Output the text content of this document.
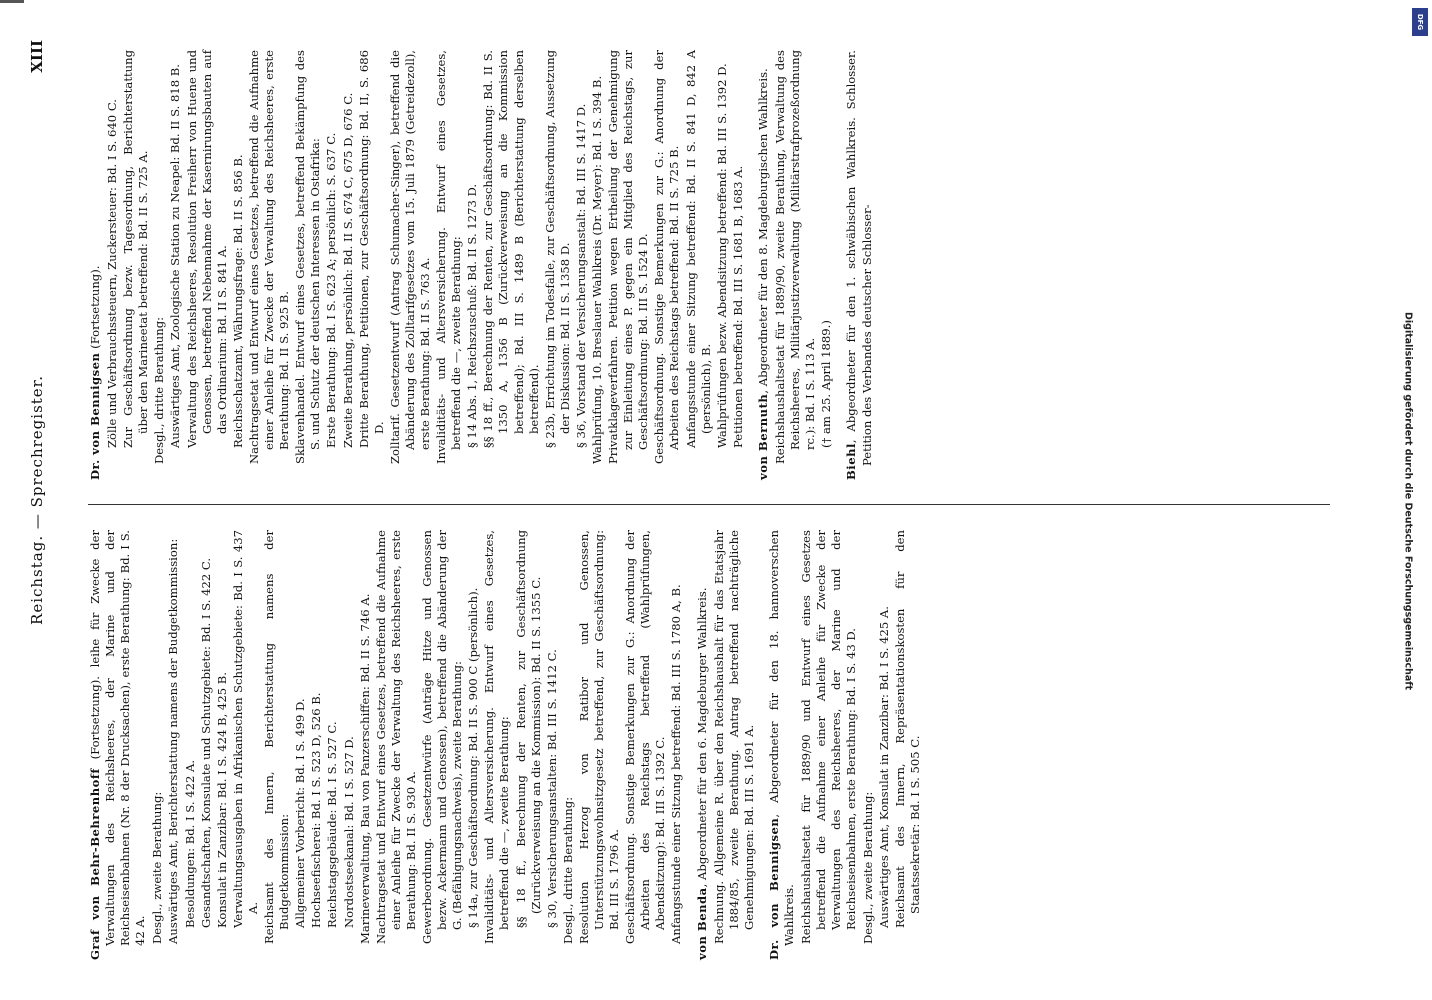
Reichstag. — Sprechregister.
XIII
Graf von Behr-Behrenhoff (Fortsetzung). leihe für Zwecke der Verwaltungen des Reichsheeres, der Marine und der Reichseisenbahnen (Nr. 8 der Drucksachen), erste Berathung: Bd. I S. 42 A. Desgl., zweite Berathung: Auswärtiges Amt, Berichterstattung namens der Budgetkommission: Besoldungen: Bd. I S. 422 A. Gesandtschaften, Konsulate und Schutzgebiete: Bd. I S. 422 C. Konsulat in Zanzibar: Bd. I S. 424 B, 425 B. Verwaltungsausgaben in Afrikanischen Schutzgebiete: Bd. I S. 437 A. Reichsamt des Innern, Berichterstattung namens der Budgetkommission: Allgemeiner Vorbericht: Bd. I S. 499 D. Hochseefischerei: Bd. I S. 523 D, 526 B. Reichstagsgebäude: Bd. I S. 527 C. Nordostseekanal: Bd. I S. 527 D. Marineverwaltung, Bau von Panzerschiffen: Bd. II S. 746 A. Nachtragsetat und Entwurf eines Gesetzes, betreffend die Aufnahme einer Anleihe für Zwecke der Verwaltung des Reichsheeres, erste Berathung: Bd. II S. 930 A. Gewerbeordnung. Gesetzentwürfe (Anträge Hitze und Genossen bezw. Ackermann und Genossen), betreffend die Abänderung der G. (Befähigungsnachweis), zweite Berathung: § 14a, zur Geschäftsordnung: Bd. II S. 900 C (persönlich). Invaliditäts- und Altersversicherung. Entwurf eines Gesetzes, betreffend die —, zweite Berathung: §§ 18 ff., Berechnung der Renten, zur Geschäftsordnung (Zurückverweisung an die Kommission): Bd. II S. 1355 C. § 30, Versicherungsanstalten: Bd. III S. 1412 C. Desgl., dritte Berathung: Resolution Herzog von Ratibor und Genossen, Unterstützungswohnsitzgesetz betreffend, zur Geschäftsordnung: Bd. III S. 1796 A. Geschäftsordnung. Sonstige Bemerkungen zur G.: Anordnung der Arbeiten des Reichstags betreffend (Wahlprüfungen, Abendsitzung): Bd. III S. 1392 C. Anfangsstunde einer Sitzung betreffend: Bd. III S. 1780 A, B. von Benda, Abgeordneter für den 6. Magdeburger Wahlkreis. Rechnung. Allgemeine R. über den Reichshaushalt für das Etatsjahr 1884/85, zweite Berathung. Antrag betreffend nachträgliche Genehmigungen: Bd. III S. 1691 A. Dr. von Bennigsen, Abgeordneter für den 18. hannoverschen Wahlkreis. Reichshaushaltsetat für 1889/90 und Entwurf eines Gesetzes betreffend die Aufnahme einer Anleihe für Zwecke der Verwaltungen des Reichsheeres, der Marine und der Reichseisenbahnen, erste Berathung: Bd. I S. 43 D. Desgl., zweite Berathung: Auswärtiges Amt, Konsulat in Zanzibar: Bd. I S. 425 A. Reichsamt des Innern, Repräsentationskosten für den Staatssekretär: Bd. I S. 505 C.
Dr. von Bennigsen (Fortsetzung). Zölle und Verbrauchssteuern, Zuckersteuer: Bd. I S. 640 C. Zur Geschäftsordnung bezw. Tagesordnung, Berichterstattung über den Marineetat betreffend: Bd. II S. 725 A. Desgl., dritte Berathung: Auswärtiges Amt, Zoologische Station zu Neapel: Bd. II S. 818 B. Verwaltung des Reichsheeres, Resolution Freiherr von Huene und Genossen, betreffend Nebennahme der Kasernirungsbauten auf das Ordinarium: Bd. II S. 841 A. Reichsschatzamt, Währungsfrage: Bd. II S. 856 B. Nachtragsetat und Entwurf eines Gesetzes, betreffend die Aufnahme einer Anleihe für Zwecke der Verwaltung des Reichsheeres, erste Berathung: Bd. II S. 925 B. Sklavenhandel. Entwurf eines Gesetzes, betreffend Bekämpfung des S. und Schutz der deutschen Interessen in Ostafrika: Erste Berathung: Bd. I S. 623 A; persönlich: S. 637 C. Zweite Berathung, persönlich: Bd. II S. 674 C, 675 D, 676 C. Dritte Berathung, Petitionen, zur Geschäftsordnung: Bd. II, S. 686 D. Zolltarif. Gesetzentwurf (Antrag Schumacher-Singer), betreffend die Abänderung des Zolltarifgesetzes vom 15. Juli 1879 (Getreidezoll), erste Berathung: Bd. II S. 763 A. Invaliditäts- und Altersversicherung. Entwurf eines Gesetzes, betreffend die —, zweite Berathung: § 14 Abs. 1, Reichszuschuß: Bd. II S. 1273 D. §§ 18 ff., Berechnung der Renten, zur Geschäftsordnung: Bd. II S. 1350 A, 1356 B (Zurückverweisung an die Kommission betreffend); Bd. III S. 1489 B (Berichterstattung derselben betreffend). § 23b, Errichtung im Todesfalle, zur Geschäftsordnung, Aussetzung der Diskussion: Bd. II S. 1358 D. § 36, Vorstand der Versicherungsanstalt: Bd. III S. 1417 D. Wahlprüfung, 10. Breslauer Wahlkreis (Dr. Meyer): Bd. I S. 394 B. Privatklageverfahren. Petition wegen Ertheilung der Genehmigung zur Einleitung eines P. gegen ein Mitglied des Reichstags, zur Geschäftsordnung: Bd. III S. 1524 D. Geschäftsordnung. Sonstige Bemerkungen zur G.: Anordnung der Arbeiten des Reichstags betreffend: Bd. II S. 725 B. Anfangsstunde einer Sitzung betreffend: Bd. II S. 841 D, 842 A (persönlich), B. Wahlprüfungen bezw. Abendsitzung betreffend: Bd. III S. 1392 D. Petitionen betreffend: Bd. III S. 1681 B, 1683 A. von Bernuth, Abgeordneter für den 8. Magdeburgischen Wahlkreis. Reichshaushaltsetat für 1889/90, zweite Berathung, Verwaltung des Reichsheeres, Militärjustizverwaltung (Militärstrafprozeßordnung rc.): Bd. I S. 113 A. († am 25. April 1889.)
Biehl, Abgeordneter für den 1. schwäbischen Wahlkreis. Schlosser. Petition des Verbandes deutscher Schlosser-
DFG
Digitalisierung gefördert durch die Deutsche Forschungsgemeinschaft
